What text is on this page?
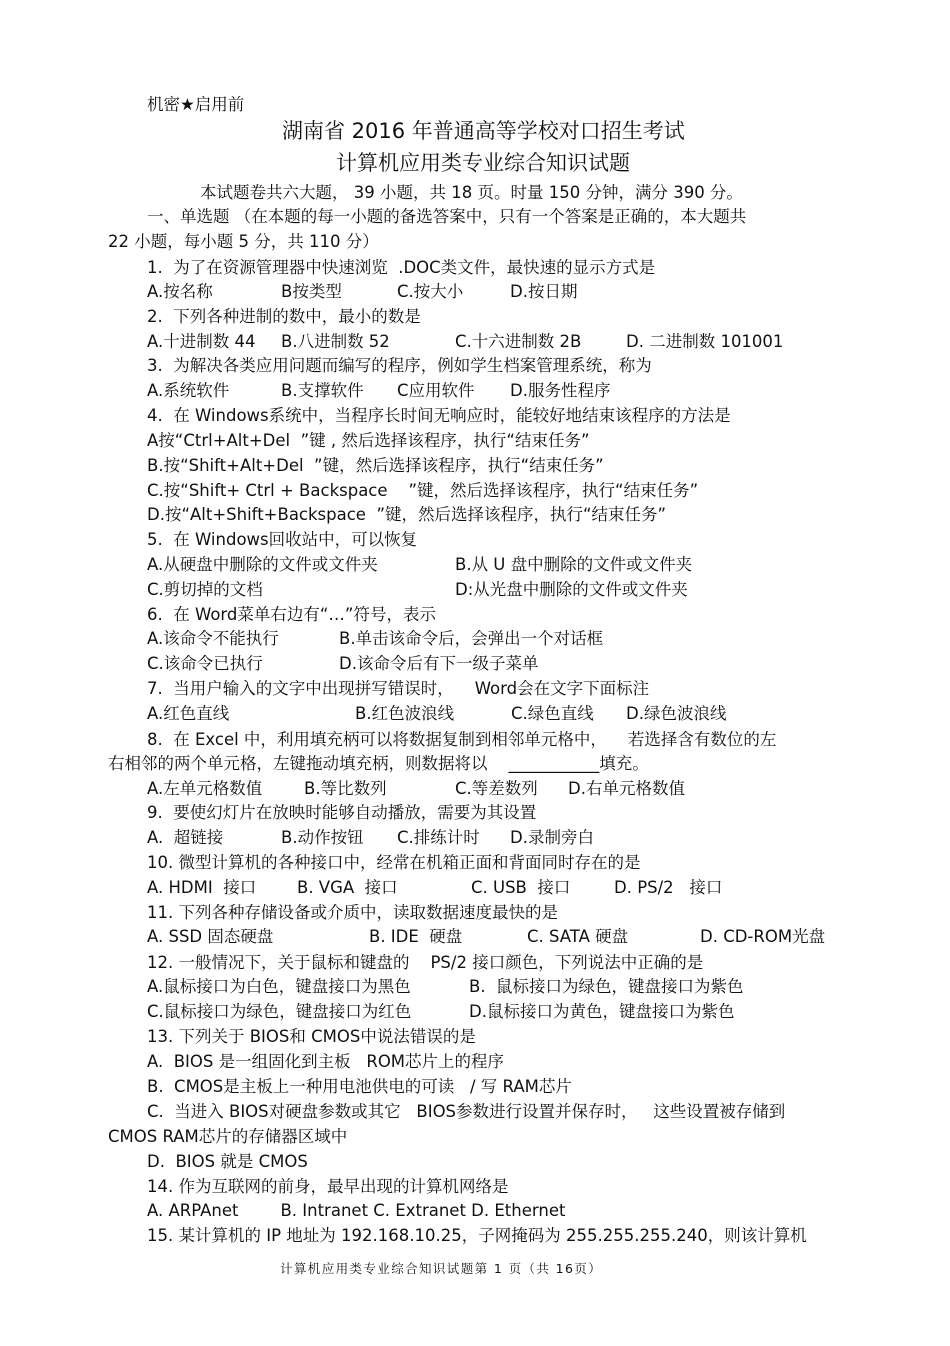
机密★启用前
湖南省 2016 年普通高等学校对口招生考试
计算机应用类专业综合知识试题
本试题卷共六大题， 39 小题，共 18 页。时量 150 分钟，满分 390 分。
一、单选题 （在本题的每一小题的备选答案中，只有一个答案是正确的，本大题共
22 小题，每小题 5 分，共 110 分）
1.  为了在资源管理器中快速浏览  .DOC类文件，最快速的显示方式是
A.按名称	B按类型	C.按大小	D.按日期
2.  下列各种进制的数中，最小的数是
A.十进制数 44 B.八进制数 52	C.十六进制数 2B	D. 二进制数 101001
3.  为解决各类应用问题而编写的程序，例如学生档案管理系统，称为
A.系统软件	B.支撑软件 C应用软件 D.服务性程序
4.  在 Windows系统中，当程序长时间无响应时，能较好地结束该程序的方法是
A按“Ctrl+Alt+Del  ”键 , 然后选择该程序，执行“结束任务”
B.按“Shift+Alt+Del  ”键，然后选择该程序，执行“结束任务”
C.按“Shift+ Ctrl + Backspace    ”键，然后选择该程序，执行“结束任务”
D.按“Alt+Shift+Backspace  ”键，然后选择该程序，执行“结束任务”
5.  在 Windows回收站中，可以恢复
A.从硬盘中删除的文件或文件夹	B.从 U 盘中删除的文件或文件夹
C.剪切掉的文档	D:从光盘中删除的文件或文件夹
6.  在 Word菜单右边有“…”符号，表示
A.该命令不能执行	B.单击该命令后，会弹出一个对话框
C.该命令已执行	D.该命令后有下一级子菜单
7.  当用户输入的文字中出现拼写错误时，    Word会在文字下面标注
A.红色直线	B.红色波浪线	C.绿色直线 D.绿色波浪线
8.  在 Excel 中，利用填充柄可以将数据复制到相邻单元格中，    若选择含有数位的左
右相邻的两个单元格，左键拖动填充柄，则数据将以    ___________填充。
A.左单元格数值	B.等比数列	C.等差数列 D.右单元格数值
9.  要使幻灯片在放映时能够自动播放，需要为其设置
A.  超链接	B.动作按钮 C.排练计时 D.录制旁白
10. 微型计算机的各种接口中，经常在机箱正面和背面同时存在的是
A. HDMI  接口 B. VGA  接口	C. USB  接口	D. PS/2   接口
11. 下列各种存储设备或介质中，读取数据速度最快的是
A. SSD 固态硬盘	B. IDE  硬盘	C. SATA 硬盘	D. CD-ROM光盘
12. 一般情况下，关于鼠标和键盘的    PS/2 接口颜色，下列说法中正确的是
A.鼠标接口为白色，键盘接口为黑色	B.  鼠标接口为绿色，键盘接口为紫色
C.鼠标接口为绿色，键盘接口为红色	D.鼠标接口为黄色，键盘接口为紫色
13. 下列关于 BIOS和 CMOS中说法错误的是
A.  BIOS 是一组固化到主板   ROM芯片上的程序
B.  CMOS是主板上一种用电池供电的可读   / 写 RAM芯片
C.  当进入 BIOS对硬盘参数或其它   BIOS参数进行设置并保存时，   这些设置被存储到
CMOS RAM芯片的存储器区域中
D.  BIOS 就是 CMOS
14. 作为互联网的前身，最早出现的计算机网络是
A. ARPAnet        B. Intranet C. Extranet D. Ethernet
15. 某计算机的 IP 地址为 192.168.10.25，子网掩码为 255.255.255.240，则该计算机
计算机应用类专业综合知识试题第 1 页（共 16页）
